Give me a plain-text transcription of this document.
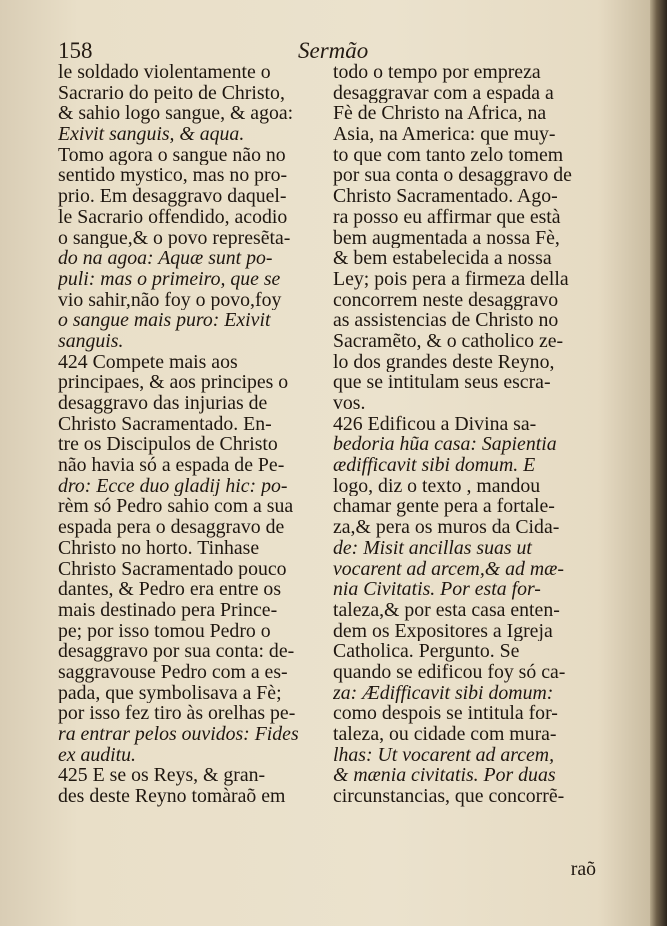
158	Sermão
le soldado violentamente o
Sacrario do peito de Christo,
& sahio logo sangue, & agoa:
Exivit sanguis, & aqua.
Tomo agora o sangue não no
sentido mystico, mas no pro-
prio. Em desaggravo daquel-
le Sacrario offendido, acodio
o sangue,& o povo represẽta-
do na agoa: Aquæ sunt po-
puli: mas o primeiro, que se
vio sahir,não foy o povo,foy
o sangue mais puro: Exivit
sanguis.
424 Compete mais aos
principaes, & aos principes o
desaggravo das injurias de
Christo Sacramentado. En-
tre os Discipulos de Christo
não havia só a espada de Pe-
dro: Ecce duo gladij hic: po-
rèm só Pedro sahio com a sua
espada pera o desaggravo de
Christo no horto. Tinhase
Christo Sacramentado pouco
dantes, & Pedro era entre os
mais destinado pera Prince-
pe; por isso tomou Pedro o
desaggravo por sua conta: de-
saggravouse Pedro com a es-
pada, que symbolisava a Fè;
por isso fez tiro às orelhas pe-
ra entrar pelos ouvidos: Fides
ex auditu.
425 E se os Reys, & gran-
des deste Reyno tomàraõ em
todo o tempo por empreza
desaggravar com a espada a
Fè de Christo na Africa, na
Asia, na America: que muy-
to que com tanto zelo tomem
por sua conta o desaggravo de
Christo Sacramentado. Ago-
ra posso eu affirmar que està
bem augmentada a nossa Fè,
& bem estabelecida a nossa
Ley; pois pera a firmeza della
concorrem neste desaggravo
as assistencias de Christo no
Sacramẽto, & o catholico ze-
lo dos grandes deste Reyno,
que se intitulam seus escra-
vos.
426 Edificou a Divina sa-
bedoria hũa casa: Sapientia
ædifficavit sibi domum. E
logo, diz o texto , mandou
chamar gente pera a fortale-
za,& pera os muros da Cida-
de: Misit ancillas suas ut
vocarent ad arcem,& ad mæ-
nia Civitatis. Por esta for-
taleza,& por esta casa enten-
dem os Expositores a Igreja
Catholica. Pergunto. Se
quando se edificou foy só ca-
za: Ædifficavit sibi domum:
como despois se intitula for-
taleza, ou cidade com mura-
lhas: Ut vocarent ad arcem,
& mænia civitatis. Por duas
circunstancias, que concorrẽ-
raõ
